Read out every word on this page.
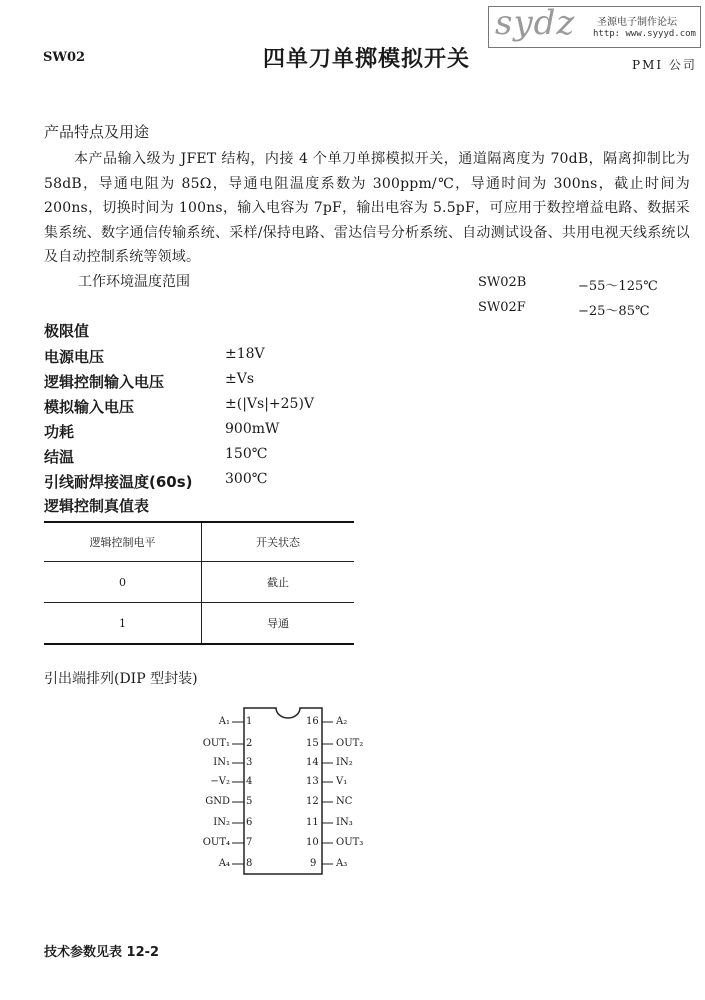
sydz 圣源电子制作论坛
http: www.syyyd.com
SW02	四单刀单掷模拟开关	PMI 公司
产品特点及用途
本产品输入级为 JFET 结构，内接 4 个单刀单掷模拟开关，通道隔离度为 70dB，隔离抑制比为 58dB，导通电阻为 85Ω，导通电阻温度系数为 300ppm/℃，导通时间为 300ns，截止时间为 200ns，切换时间为 100ns，输入电容为 7pF，输出电容为 5.5pF，可应用于数控增益电路、数据采集系统、数字通信传输系统、采样/保持电路、雷达信号分析系统、自动测试设备、共用电视天线系统以及自动控制系统等领域。
工作环境温度范围	SW02B	−55～125℃
SW02F	−25～85℃
极限值
电源电压	±18V
逻辑控制输入电压	±Vs
模拟输入电压	±(|Vs|+25)V
功耗	900mW
结温	150℃
引线耐焊接温度(60s) 300℃
逻辑控制真值表
逻辑控制电平	开关状态
0	截止
1	导通
引出端排列(DIP 型封装)
A₁ 1
OUT₁ 2
IN₁ 3
−V₂ 4
GND 5
IN₂ 6
OUT₄ 7
A₄ 8
16 A₂
15 OUT₂
14 IN₂
13 V₁
12 NC
11 IN₃
10 OUT₃
9 A₃
技术参数见表 12-2
